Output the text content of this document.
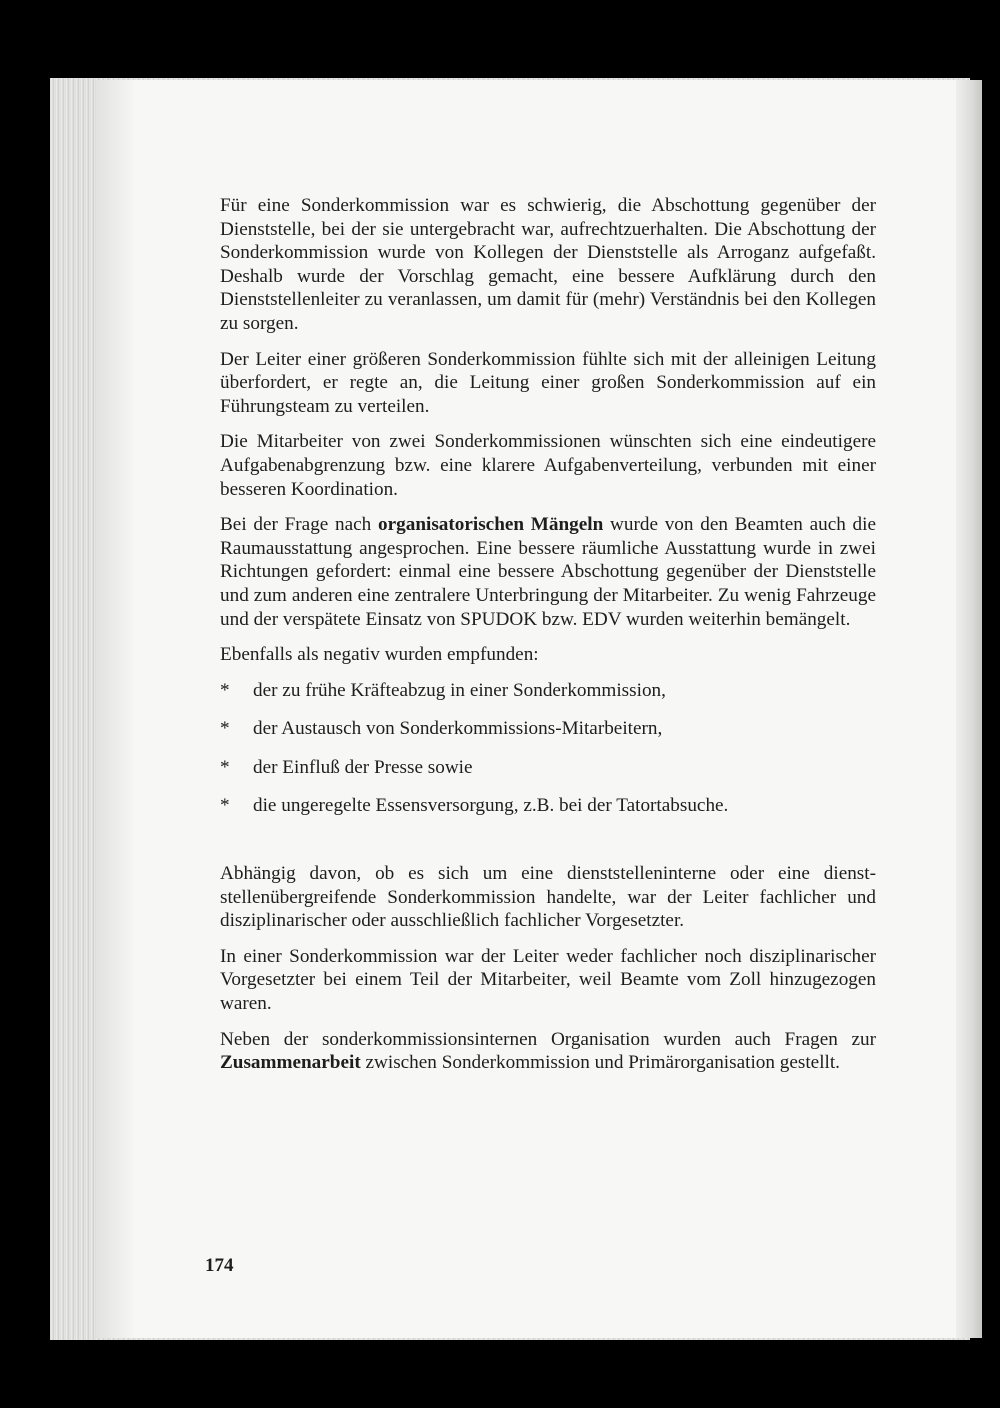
Für eine Sonderkommission war es schwierig, die Abschottung gegenüber der Dienststelle, bei der sie untergebracht war, aufrechtzuerhalten. Die Abschottung der Sonderkommission wurde von Kollegen der Dienststelle als Arroganz aufgefaßt. Deshalb wurde der Vorschlag gemacht, eine bessere Aufklärung durch den Dienststellenleiter zu veranlassen, um damit für (mehr) Verständnis bei den Kollegen zu sorgen.

Der Leiter einer größeren Sonderkommission fühlte sich mit der alleinigen Leitung überfordert, er regte an, die Leitung einer großen Sonderkommission auf ein Führungsteam zu verteilen.

Die Mitarbeiter von zwei Sonderkommissionen wünschten sich eine eindeutigere Aufgabenabgrenzung bzw. eine klarere Aufgabenverteilung, verbunden mit einer besseren Koordination.

Bei der Frage nach organisatorischen Mängeln wurde von den Beamten auch die Raumausstattung angesprochen. Eine bessere räumliche Ausstattung wurde in zwei Richtungen gefordert: einmal eine bessere Abschottung gegenüber der Dienststelle und zum anderen eine zentralere Unterbringung der Mitarbeiter. Zu wenig Fahrzeuge und der verspätete Einsatz von SPUDOK bzw. EDV wurden weiterhin bemängelt.

Ebenfalls als negativ wurden empfunden:

* der zu frühe Kräfteabzug in einer Sonderkommission,
* der Austausch von Sonderkommissions-Mitarbeitern,
* der Einfluß der Presse sowie
* die ungeregelte Essensversorgung, z.B. bei der Tatortabsuche.

Abhängig davon, ob es sich um eine dienststelleninterne oder eine dienststellenübergreifende Sonderkommission handelte, war der Leiter fachlicher und disziplinarischer oder ausschließlich fachlicher Vorgesetzter.

In einer Sonderkommission war der Leiter weder fachlicher noch disziplinarischer Vorgesetzter bei einem Teil der Mitarbeiter, weil Beamte vom Zoll hinzugezogen waren.

Neben der sonderkommissionsinternen Organisation wurden auch Fragen zur Zusammenarbeit zwischen Sonderkommission und Primärorganisation gestellt.

174
